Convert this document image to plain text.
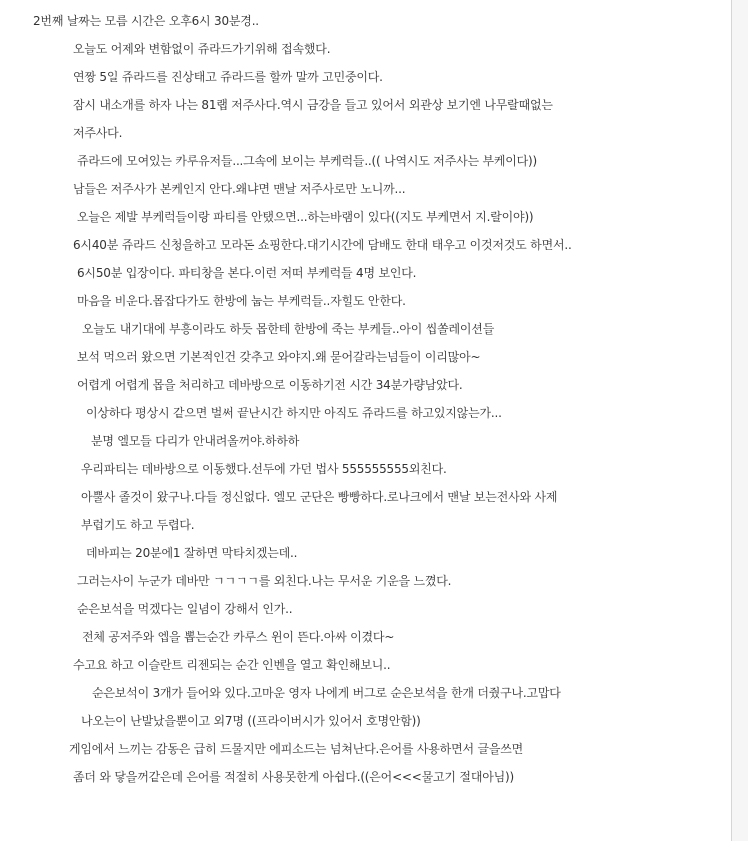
2번째 날짜는 모름 시간은 오후6시 30분경..
오늘도 어제와 변함없이 쥬라드가기위해 접속했다.
연짱 5일 쥬라드를 진상태고 쥬라드를 할까 말까 고민중이다.
잠시 내소개를 하자 나는 81랩 저주사다.역시 금강을 들고 있어서 외관상 보기엔 나무랄때없는
저주사다.
쥬라드에 모여있는 카루유저들...그속에 보이는 부케럭들..(( 나역시도 저주사는 부케이다))
남들은 저주사가 본케인지 안다.왜냐면 맨날 저주사로만 노니까...
오늘은 제발 부케럭들이랑 파티를 안탰으면...하는바램이 있다((지도 부케면서 지.랄이야))
6시40분 쥬라드 신청을하고 모라돈 쇼핑한다.대기시간에 담배도 한대 태우고 이것저것도 하면서..
6시50분 입장이다. 파티창을 본다.이런 저떠 부케럭들 4명 보인다.
마음을 비운다.몹잡다가도 한방에 눕는 부케럭들..자힐도 안한다.
오늘도 내기대에 부흥이라도 하듯 몹한테 한방에 죽는 부케들..아이 씹쏠레이션들
보석 먹으러 왔으면 기본적인건 갖추고 와야지.왜 묻어갈라는넘들이 이리많아~
어렵게 어렵게 몹을 처리하고 데바방으로 이동하기전 시간 34분가량남았다.
이상하다 평상시 같으면 벌써 끝난시간 하지만 아직도 쥬라드를 하고있지않는가...
분명 엘모들 다리가 안내려올꺼야.하하하
우리파티는 데바방으로 이동했다.선두에 가던 법사 555555555외친다.
아뿔사 졸것이 왔구나.다들 정신없다. 엘모 군단은 빵빵하다.로나크에서 맨날 보는전사와 사제
부럽기도 하고 두렵다.
데바피는 20분에1 잘하면 막타치겠는데..
그러는사이 누군가 데바만 ㄱㄱㄱㄱ를 외친다.나는 무서운 기운을 느꼈다.
순은보석을 먹겠다는 일념이 강해서 인가..
전체 공저주와 엡을 뽑는순간 카루스 윈이 뜬다.아싸 이겼다~
수고요 하고 이슬란트 리젠되는 순간 인벤을 열고 확인해보니..
순은보석이 3개가 들어와 있다.고마운 영자 나에게 버그로 순은보석을 한개 더줬구나.고맙다
나오는이 난발났을뿐이고 외7명 ((프라이버시가 있어서 호명안함))
게임에서 느끼는 감동은 급히 드물지만 에피소드는 넘쳐난다.은어를 사용하면서 글을쓰면
좀더 와 닿을꺼같은데 은어를 적절히 사용못한게 아쉽다.((은어<<<물고기 절대아님))
